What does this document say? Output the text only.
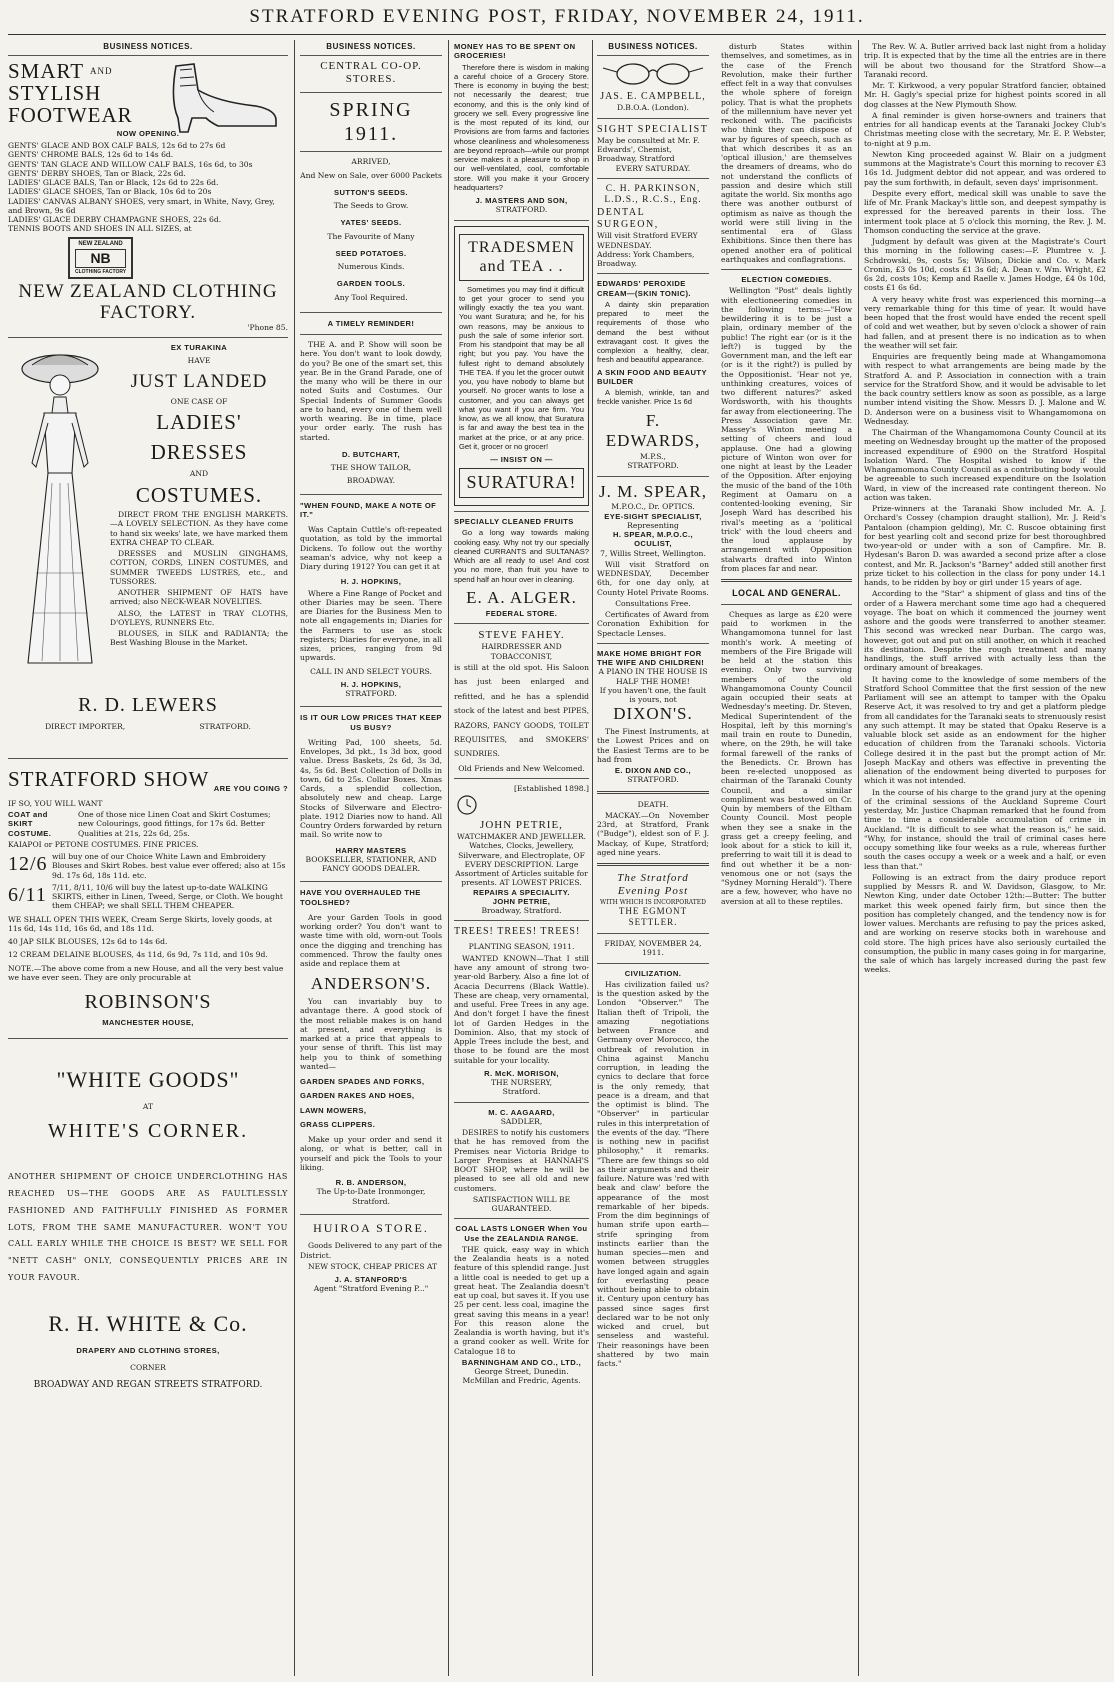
STRATFORD EVENING POST, FRIDAY, NOVEMBER 24, 1911.
BUSINESS NOTICES.
SMART $^{AND}$
STYLISH
FOOTWEAR
NOW OPENING.
GENTS' GLACE AND BOX CALF BALS, 12s 6d to 27s 6d
GENTS' CHROME BALS, 12s 6d to 14s 6d.
GENTS' TAN GLACE AND WILLOW CALF BALS, 16s 6d, to 30s
GENTS' DERBY SHOES, Tan or Black, 22s 6d.
LADIES' GLACE BALS, Tan or Black, 12s 6d to 22s 6d.
LADIES' GLACE SHOES, Tan or Black, 10s 6d to 20s
LADIES' CANVAS ALBANY SHOES, very smart, in White, Navy, Grey, and Brown, 9s 6d
LADIES' GLACE DERBY CHAMPAGNE SHOES, 22s 6d.
TENNIS BOOTS AND SHOES IN ALL SIZES, at
NEW ZEALAND
NB
CLOTHING FACTORY
NEW ZEALAND CLOTHING FACTORY.
'Phone 85.
EX TURAKINA
HAVE
JUST LANDED
ONE CASE OF
LADIES'
DRESSES
AND
COSTUMES.
DIRECT FROM THE ENGLISH MARKETS.—A LOVELY SELECTION. As they have come to hand six weeks' late, we have marked them EXTRA CHEAP TO CLEAR.
DRESSES and MUSLIN GINGHAMS, COTTON, CORDS, LINEN COSTUMES, and SUMMER TWEEDS LUSTRES, etc., and TUSSORES.
ANOTHER SHIPMENT OF HATS have arrived; also NECK-WEAR NOVELTIES.
ALSO, the LATEST in TRAY CLOTHS, D'OYLEYS, RUNNERS Etc.
BLOUSES, in SILK and RADIANTA; the Best Washing Blouse in the Market.
R. D. LEWERS
DIRECT IMPORTER,	STRATFORD.
STRATFORD SHOW ARE YOU COING ?
IF SO, YOU WILL WANT
COAT and
SKIRT
COSTUME.
One of those nice Linen Coat and Skirt Costumes; new Colourings, good fittings, for 17s 6d. Better Qualities at 21s, 22s 6d, 25s.
KAIAPOI or PETONE COSTUMES. FINE PRICES.
12/6 will buy one of our Choice White Lawn and Embroidery Blouses and Skirt Robes. best value ever offered; also at 15s 9d. 17s 6d, 18s 11d. etc.
6/11 7/11, 8/11, 10/6 will buy the latest up-to-date WALKING SKIRTS, either in Linen, Tweed, Serge, or Cloth. We bought them CHEAP; we shall SELL THEM CHEAPER.
WE SHALL OPEN THIS WEEK, Cream Serge Skirts, lovely goods, at 11s 6d, 14s 11d, 16s 6d, and 18s 11d.
40 JAP SILK BLOUSES, 12s 6d to 14s 6d.
12 CREAM DELAINE BLOUSES, 4s 11d, 6s 9d, 7s 11d, and 10s 9d.
NOTE.—The above come from a new House, and all the very best value we have ever seen. They are only procurable at
ROBINSON'S
MANCHESTER HOUSE,
"WHITE GOODS"
AT
WHITE'S CORNER.
ANOTHER SHIPMENT OF CHOICE UNDERCLOTHING HAS REACHED US—THE GOODS ARE AS FAULTLESSLY FASHIONED AND FAITHFULLY FINISHED AS FORMER LOTS, FROM THE SAME MANUFACTURER. WON'T YOU CALL EARLY WHILE THE CHOICE IS BEST? WE SELL FOR "NETT CASH" ONLY, CONSEQUENTLY PRICES ARE IN YOUR FAVOUR.
R. H. WHITE & Co.
DRAPERY AND CLOTHING STORES,
CORNER
BROADWAY AND REGAN STREETS STRATFORD.
BUSINESS NOTICES.
CENTRAL CO-OP. STORES.
SPRING 1911.
ARRIVED,
And New on Sale, over 6000 Packets
SUTTON'S SEEDS.
The Seeds to Grow.
YATES' SEEDS.
The Favourite of Many
SEED POTATOES.
Numerous Kinds.
GARDEN TOOLS.
Any Tool Required.
A TIMELY REMINDER!
THE A. and P. Show will soon be here. You don't want to look dowdy, do you? Be one of the smart set, this year. Be in the Grand Parade, one of the many who will be there in our noted Suits and Costumes. Our Special Indents of Summer Goods are to hand, every one of them well worth wearing. Be in time, place your order early. The rush has started.
D. BUTCHART,
THE SHOW TAILOR,
BROADWAY.
"WHEN FOUND, MAKE A NOTE OF IT."
Was Captain Cuttle's oft-repeated quotation, as told by the immortal Dickens. To follow out the worthy seaman's advice, why not keep a Diary during 1912? You can get it at
H. J. HOPKINS,
Where a Fine Range of Pocket and other Diaries may be seen. There are Diaries for the Business Men to note all engagements in; Diaries for the Farmers to use as stock registers; Diaries for everyone, in all sizes, prices, ranging from 9d upwards.
CALL IN AND SELECT YOURS.
H. J. HOPKINS,
STRATFORD.
IS IT OUR LOW PRICES THAT KEEP US BUSY?
Writing Pad, 100 sheets, 5d. Envelopes, 3d pkt., 1s 3d box, good value. Dress Baskets, 2s 6d, 3s 3d, 4s, 5s 6d. Best Collection of Dolls in town, 6d to 25s. Collar Boxes. Xmas Cards, a splendid collection, absolutely new and cheap. Large Stocks of Silverware and Electro-plate. 1912 Diaries now to hand. All Country Orders forwarded by return mail. So write now to
HARRY MASTERS
BOOKSELLER, STATIONER, AND FANCY GOODS DEALER.
HAVE YOU OVERHAULED THE TOOLSHED?
Are your Garden Tools in good working order? You don't want to waste time with old, worn-out Tools once the digging and trenching has commenced. Throw the faulty ones aside and replace them at
ANDERSON'S.
You can invariably buy to advantage there. A good stock of the most reliable makes is on hand at present, and everything is marked at a price that appeals to your sense of thrift. This list may help you to think of something wanted—
GARDEN SPADES AND FORKS,
GARDEN RAKES AND HOES,
LAWN MOWERS,
GRASS CLIPPERS.
Make up your order and send it along, or what is better, call in yourself and pick the Tools to your liking.
R. B. ANDERSON,
The Up-to-Date Ironmonger,
Stratford.
HUIROA STORE.
Goods Delivered to any part of the District.
NEW STOCK, CHEAP PRICES AT
J. A. STANFORD'S
Agent "Stratford Evening P..."
MONEY HAS TO BE SPENT ON GROCERIES!
Therefore there is wisdom in making a careful choice of a Grocery Store. There is economy in buying the best; not necessarily the dearest; true economy, and this is the only kind of grocery we sell. Every progressive line is the most reputed of its kind, our Provisions are from farms and factories whose cleanliness and wholesomeness are beyond reproach—while our prompt service makes it a pleasure to shop in our well-ventilated, cool, comfortable store. Will you make it your Grocery headquarters?
J. MASTERS AND SON,
STRATFORD.
TRADESMEN
and TEA . .
Sometimes you may find it difficult to get your grocer to send you willingly exactly the tea you want. You want Suratura; and he, for his own reasons, may be anxious to push the sale of some inferior sort. From his standpoint that may be all right; but you pay. You have the fullest right to demand absolutely THE TEA. If you let the grocer outwit you, you have nobody to blame but yourself. No grocer wants to lose a customer, and you can always get what you want if you are firm. You know, as we all know, that Suratura is far and away the best tea in the market at the price, or at any price. Get it, grocer or no grocer!
— INSIST ON —
SURATURA!
SPECIALLY CLEANED FRUITS
Go a long way towards making cooking easy. Why not try our specially cleaned CURRANTS and SULTANAS? Which are all ready to use! And cost you no more, than fruit you have to spend half an hour over in cleaning.
E. A. ALGER.
FEDERAL STORE.
STEVE FAHEY.
HAIRDRESSER AND TOBACCONIST,
is still at the old spot. His Saloon has just been enlarged and refitted, and he has a splendid stock of the latest and best PIPES, RAZORS, FANCY GOODS, TOILET REQUISITES, and SMOKERS' SUNDRIES.
Old Friends and New Welcomed.
[Established 1898.]
JOHN PETRIE,
WATCHMAKER AND JEWELLER. Watches, Clocks, Jewellery, Silverware, and Electroplate, OF EVERY DESCRIPTION. Large Assortment of Articles suitable for presents. AT LOWEST PRICES.
REPAIRS A SPECIALITY.
JOHN PETRIE,
Broadway, Stratford.
TREES! TREES! TREES!
PLANTING SEASON, 1911.
WANTED KNOWN—That I still have any amount of strong two-year-old Barbery. Also a fine lot of Acacia Decurrens (Black Wattle). These are cheap, very ornamental, and useful. Free Trees in any age. And don't forget I have the finest lot of Garden Hedges in the Dominion. Also, that my stock of Apple Trees include the best, and those to be found are the most suitable for your locality.
R. McK. MORISON,
THE NURSERY,
Stratford.
M. C. AAGAARD,
SADDLER,
DESIRES to notify his customers that he has removed from the Premises near Victoria Bridge to Larger Premises at HANNAH'S BOOT SHOP, where he will be pleased to see all old and new customers.
SATISFACTION WILL BE GUARANTEED.
COAL LASTS LONGER When You Use the ZEALANDIA RANGE.
THE quick, easy way in which the Zealandia heats is a noted feature of this splendid range. Just a little coal is needed to get up a great heat. The Zealandia doesn't eat up coal, but saves it. If you use 25 per cent. less coal, imagine the great saving this means in a year! For this reason alone the Zealandia is worth having, but it's a grand cooker as well. Write for Catalogue 18 to
BARNINGHAM AND CO., LTD.,
George Street, Dunedin.
McMillan and Fredric, Agents.
BUSINESS NOTICES.
JAS. E. CAMPBELL,
D.B.O.A. (London).
SIGHT SPECIALIST
May be consulted at Mr. F. Edwards', Chemist, Broadway, Stratford
EVERY SATURDAY.
C. H. PARKINSON, L.D.S., R.C.S., Eng.
DENTAL SURGEON,
Will visit Stratford EVERY WEDNESDAY.
Address: York Chambers, Broadway.
EDWARDS' PEROXIDE CREAM—(SKIN TONIC).
A dainty skin preparation prepared to meet the requirements of those who demand the best without extravagant cost. It gives the complexion a healthy, clear, fresh and beautiful appearance.
A SKIN FOOD AND BEAUTY BUILDER
A blemish, wrinkle, tan and freckle vanisher. Price 1s 6d
F. EDWARDS,
M.P.S.,
STRATFORD.
J. M. SPEAR,
M.P.O.C., Dr. OPTICS.
EYE-SIGHT SPECIALIST,
Representing
H. SPEAR, M.P.O.C., OCULIST,
7, Willis Street, Wellington.
Will visit Stratford on WEDNESDAY, December 6th, for one day only, at County Hotel Private Rooms.
Consultations Free.
Certificates of Award from Coronation Exhibition for Spectacle Lenses.
MAKE HOME BRIGHT FOR THE WIFE AND CHILDREN!
A PIANO IN THE HOUSE IS
HALF THE HOME!
If you haven't one, the fault is yours, not
DIXON'S.
The Finest Instruments, at the Lowest Prices and on the Easiest Terms are to be had from
E. DIXON AND CO.,
STRATFORD.
DEATH.
MACKAY.—On November 23rd, at Stratford, Frank ("Budge"), eldest son of F. J. Mackay, of Kupe, Stratford; aged nine years.
The Stratford Evening Post
WITH WHICH IS INCORPORATED
THE EGMONT SETTLER.
FRIDAY, NOVEMBER 24, 1911.
CIVILIZATION.
Has civilization failed us? is the question asked by the London "Observer." The Italian theft of Tripoli, the amazing negotiations between France and Germany over Morocco, the outbreak of revolution in China against Manchu corruption, in leading the cynics to declare that force is the only remedy, that peace is a dream, and that the optimist is blind. The "Observer" in particular rules in this interpretation of the events of the day. "There is nothing new in pacifist philosophy," it remarks. "There are few things so old as their arguments and their failure. Nature was 'red with beak and claw' before the appearance of the most remarkable of her bipeds. From the dim beginnings of human strife upon earth—strife springing from instincts earlier than the human species—men and women between struggles have longed again and again for everlasting peace without being able to obtain it. Century upon century has passed since sages first declared war to be not only wicked and cruel, but senseless and wasteful. Their reasonings have been shattered by two main facts."
disturb States within themselves, and sometimes, as in the case of the French Revolution, make their further effect felt in a way that convulses the whole sphere of foreign policy. That is what the prophets of the millennium have never yet reckoned with. The pacificists who think they can dispose of war by figures of speech, such as that which describes it as an 'optical illusion,' are themselves the dreamers of dreams, who do not understand the conflicts of passion and desire which still agitate the world. Six months ago there was another outburst of optimism as naive as though the world were still living in the sentimental era of Glass Exhibitions. Since then there has opened another era of political earthquakes and conflagrations.
ELECTION COMEDIES.
Wellington "Post" deals lightly with electioneering comedies in the following terms:—"How bewildering it is to be just a plain, ordinary member of the public! The right ear (or is it the left?) is tugged by the Government man, and the left ear (or is it the right?) is pulled by the Oppositionist. 'Hear not ye, unthinking creatures, voices of two different natures?' asked Wordsworth, with his thoughts far away from electioneering. The Press Association gave Mr. Massey's Winton meeting a setting of cheers and loud applause. One had a glowing picture of Winton won over for one night at least by the Leader of the Opposition. After enjoying the music of the band of the 10th Regiment at Oamaru on a contented-looking evening, Sir Joseph Ward has described his rival's meeting as a 'political trick' with the loud cheers and the loud applause by arrangement with Opposition stalwarts drafted into Winton from places far and near.
LOCAL AND GENERAL.
Cheques as large as £20 were paid to workmen in the Whangamomona tunnel for last month's work. A meeting of members of the Fire Brigade will be held at the station this evening. Only two surviving members of the old Whangamomona County Council again occupied their seats at Wednesday's meeting. Dr. Steven, Medical Superintendent of the Hospital, left by this morning's mail train en route to Dunedin, where, on the 29th, he will take formal farewell of the ranks of the Benedicts. Cr. Brown has been re-elected unopposed as chairman of the Taranaki County Council, and a similar compliment was bestowed on Cr. Quin by members of the Eltham County Council. Most people when they see a snake in the grass get a creepy feeling, and look about for a stick to kill it, preferring to wait till it is dead to find out whether it be a non-venomous one or not (says the "Sydney Morning Herald"). There are a few, however, who have no aversion at all to these reptiles.
The Rev. W. A. Butler arrived back last night from a holiday trip. It is expected that by the time all the entries are in there will be about two thousand for the Stratford Show—a Taranaki record.
Mr. T. Kirkwood, a very popular Stratford fancier, obtained Mr. H. Gagly's special prize for highest points scored in all dog classes at the New Plymouth Show.
A final reminder is given horse-owners and trainers that entries for all handicap events at the Taranaki Jockey Club's Christmas meeting close with the secretary, Mr. E. P. Webster, to-night at 9 p.m.
Newton King proceeded against W. Blair on a judgment summons at the Magistrate's Court this morning to recover £3 16s 1d. Judgment debtor did not appear, and was ordered to pay the sum forthwith, in default, seven days' imprisonment.
Despite every effort, medical skill was unable to save the life of Mr. Frank Mackay's little son, and deepest sympathy is expressed for the bereaved parents in their loss. The interment took place at 5 o'clock this morning, the Rev. J. M. Thomson conducting the service at the grave.
Judgment by default was given at the Magistrate's Court this morning in the following cases:—F. Plumtree v. J. Schdrowski, 9s, costs 5s; Wilson, Dickie and Co. v. Mark Cronin, £3 0s 10d, costs £1 3s 6d; A. Dean v. Wm. Wright, £2 6s 2d, costs 10s; Kemp and Raelle v. James Hodge, £4 0s 10d, costs £1 6s 6d.
A very heavy white frost was experienced this morning—a very remarkable thing for this time of year. It would have been hoped that the frost would have ended the recent spell of cold and wet weather, but by seven o'clock a shower of rain had fallen, and at present there is no indication as to when the weather will set fair.
Enquiries are frequently being made at Whangamomona with respect to what arrangements are being made by the Stratford A. and P. Association in connection with a train service for the Stratford Show, and it would be advisable to let the back country settlers know as soon as possible, as a large number intend visiting the Show. Messrs D. J. Malone and W. D. Anderson were on a business visit to Whangamomona on Wednesday.
The Chairman of the Whangamomona County Council at its meeting on Wednesday brought up the matter of the proposed increased expenditure of £900 on the Stratford Hospital Isolation Ward. The Hospital wished to know if the Whangamomona County Council as a contributing body would be agreeable to such increased expenditure on the Isolation Ward, in view of the increased rate contingent thereon. No action was taken.
Prize-winners at the Taranaki Show included Mr. A. J. Orchard's Cossey (champion draught stallion), Mr. J. Reid's Pantaloon (champion gelding), Mr. C. Ruscoe obtaining first for best yearling colt and second prize for best thoroughbred two-year-old or under with a son of Campfire. Mr. B. Hydesan's Baron D. was awarded a second prize after a close contest, and Mr. R. Jackson's "Barney" added still another first prize ticket to his collection in the class for pony under 14.1 hands, to be ridden by boy or girl under 15 years of age.
According to the "Star" a shipment of glass and tins of the order of a Hawera merchant some time ago had a chequered voyage. The boat on which it commenced the journey went ashore and the goods were transferred to another steamer. This second was wrecked near Durban. The cargo was, however, got out and put on still another, on which it reached its destination. Despite the rough treatment and many handlings, the stuff arrived with actually less than the ordinary amount of breakages.
It having come to the knowledge of some members of the Stratford School Committee that the first session of the new Parliament will see an attempt to tamper with the Opaku Reserve Act, it was resolved to try and get a platform pledge from all candidates for the Taranaki seats to strenuously resist any such attempt. It may be stated that Opaku Reserve is a valuable block set aside as an endowment for the higher education of children from the Taranaki schools. Victoria College desired it in the past but the prompt action of Mr. Joseph MacKay and others was effective in preventing the alienation of the endowment being diverted to purposes for which it was not intended.
In the course of his charge to the grand jury at the opening of the criminal sessions of the Auckland Supreme Court yesterday, Mr. Justice Chapman remarked that he found from time to time a considerable accumulation of crime in Auckland. "It is difficult to see what the reason is," he said. "Why, for instance, should the trail of criminal cases here occupy something like four weeks as a rule, whereas further south the cases occupy a week or a week and a half, or even less than that."
Following is an extract from the dairy produce report supplied by Messrs R. and W. Davidson, Glasgow, to Mr. Newton King, under date October 12th:—Butter: The butter market this week opened fairly firm, but since then the position has completely changed, and the tendency now is for lower values. Merchants are refusing to pay the prices asked, and are working on reserve stocks both in warehouse and cold store. The high prices have also seriously curtailed the consumption, the public in many cases going in for margarine, the sale of which has largely increased during the past few weeks.
